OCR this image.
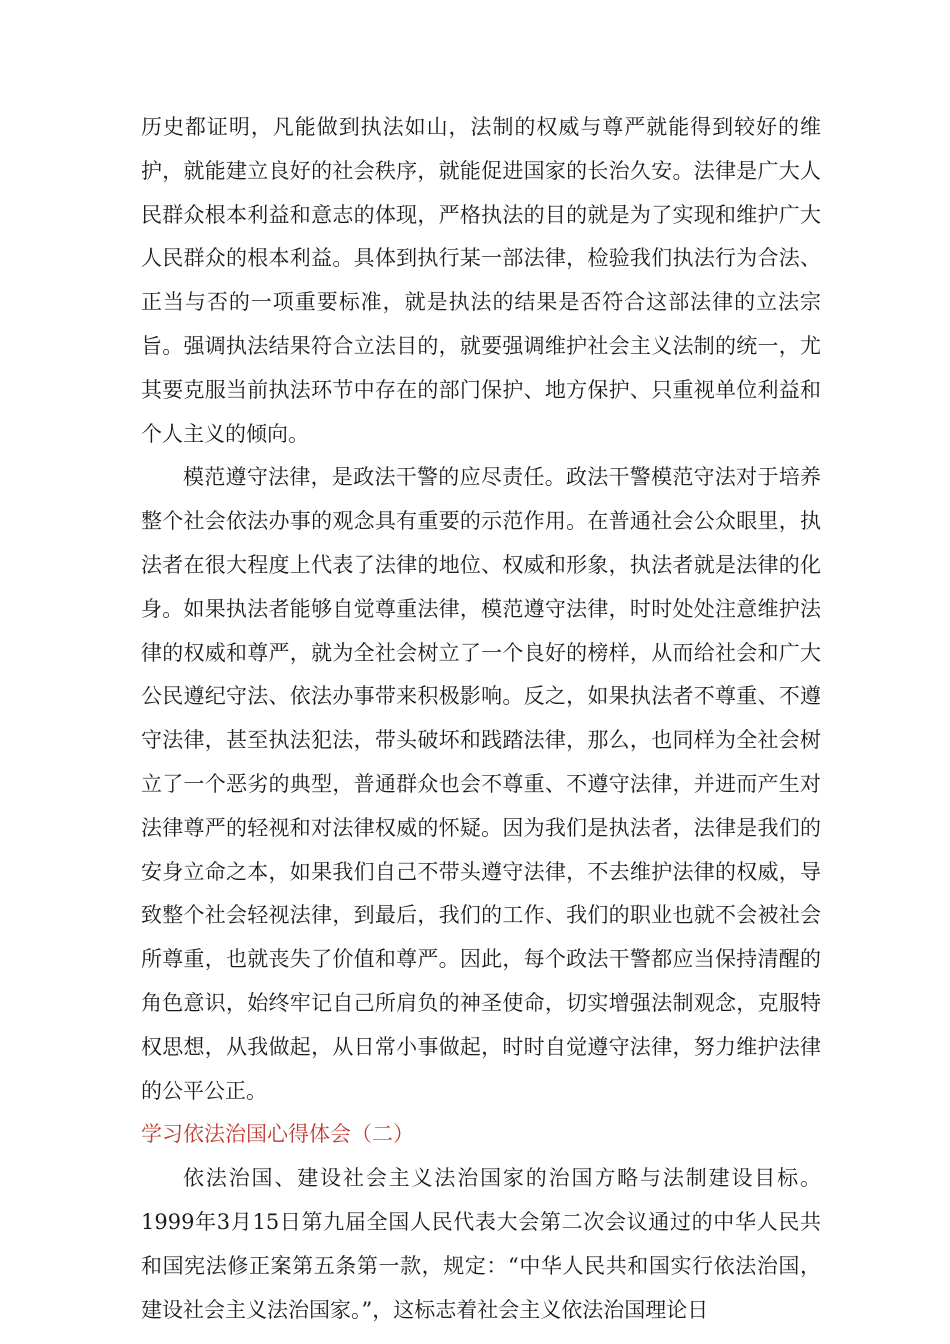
历史都证明，凡能做到执法如山，法制的权威与尊严就能得到较好的维护，就能建立良好的社会秩序，就能促进国家的长治久安。法律是广大人民群众根本利益和意志的体现，严格执法的目的就是为了实现和维护广大人民群众的根本利益。具体到执行某一部法律，检验我们执法行为合法、正当与否的一项重要标准，就是执法的结果是否符合这部法律的立法宗旨。强调执法结果符合立法目的，就要强调维护社会主义法制的统一，尤其要克服当前执法环节中存在的部门保护、地方保护、只重视单位利益和个人主义的倾向。

模范遵守法律，是政法干警的应尽责任。政法干警模范守法对于培养整个社会依法办事的观念具有重要的示范作用。在普通社会公众眼里，执法者在很大程度上代表了法律的地位、权威和形象，执法者就是法律的化身。如果执法者能够自觉尊重法律，模范遵守法律，时时处处注意维护法律的权威和尊严，就为全社会树立了一个良好的榜样，从而给社会和广大公民遵纪守法、依法办事带来积极影响。反之，如果执法者不尊重、不遵守法律，甚至执法犯法，带头破坏和践踏法律，那么，也同样为全社会树立了一个恶劣的典型，普通群众也会不尊重、不遵守法律，并进而产生对法律尊严的轻视和对法律权威的怀疑。因为我们是执法者，法律是我们的安身立命之本，如果我们自己不带头遵守法律，不去维护法律的权威，导致整个社会轻视法律，到最后，我们的工作、我们的职业也就不会被社会所尊重，也就丧失了价值和尊严。因此，每个政法干警都应当保持清醒的角色意识，始终牢记自己所肩负的神圣使命，切实增强法制观念，克服特权思想，从我做起，从日常小事做起，时时自觉遵守法律，努力维护法律的公平公正。

学习依法治国心得体会（二）

依法治国、建设社会主义法治国家的治国方略与法制建设目标。1999年3月15日第九届全国人民代表大会第二次会议通过的中华人民共和国宪法修正案第五条第一款，规定：“中华人民共和国实行依法治国，建设社会主义法治国家。”，这标志着社会主义依法治国理论日
